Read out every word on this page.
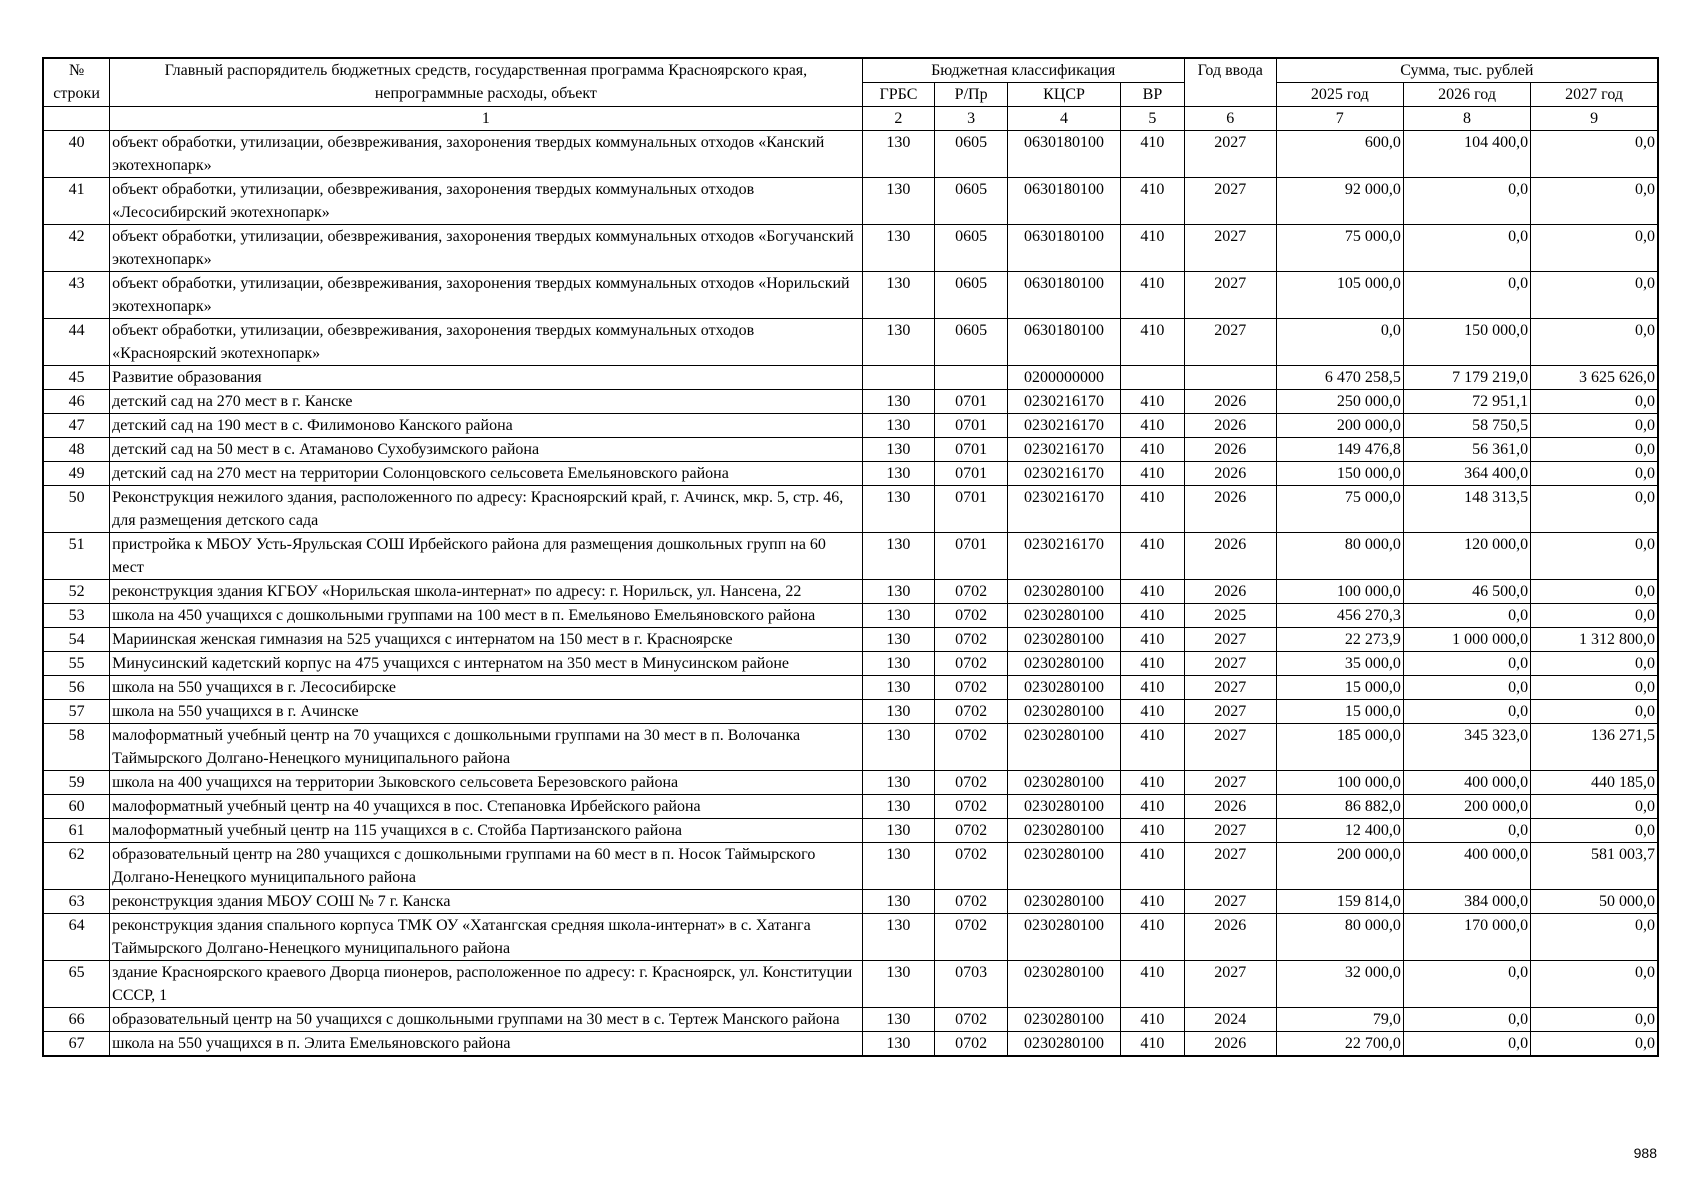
№ строки	Главный распорядитель бюджетных средств, государственная программа Красноярского края, непрограммные расходы, объект	Бюджетная классификация				Год ввода	Сумма, тыс. рублей		
		ГРБС	Р/Пр	КЦСР	ВР		2025 год	2026 год	2027 год
	1	2	3	4	5	6	7	8	9
40	объект обработки, утилизации, обезвреживания, захоронения твердых коммунальных отходов «Канский экотехнопарк»	130	0605	0630180100	410	2027	600,0	104 400,0	0,0
41	объект обработки, утилизации, обезвреживания, захоронения твердых коммунальных отходов «Лесосибирский экотехнопарк»	130	0605	0630180100	410	2027	92 000,0	0,0	0,0
42	объект обработки, утилизации, обезвреживания, захоронения твердых коммунальных отходов «Богучанский экотехнопарк»	130	0605	0630180100	410	2027	75 000,0	0,0	0,0
43	объект обработки, утилизации, обезвреживания, захоронения твердых коммунальных отходов «Норильский экотехнопарк»	130	0605	0630180100	410	2027	105 000,0	0,0	0,0
44	объект обработки, утилизации, обезвреживания, захоронения твердых коммунальных отходов «Красноярский экотехнопарк»	130	0605	0630180100	410	2027	0,0	150 000,0	0,0
45	Развитие образования			0200000000			6 470 258,5	7 179 219,0	3 625 626,0
46	детский сад на 270 мест в г. Канске	130	0701	0230216170	410	2026	250 000,0	72 951,1	0,0
47	детский сад на 190 мест в с. Филимоново Канского района	130	0701	0230216170	410	2026	200 000,0	58 750,5	0,0
48	детский сад на 50 мест в с. Атаманово Сухобузимского района	130	0701	0230216170	410	2026	149 476,8	56 361,0	0,0
49	детский сад на 270 мест на территории Солонцовского сельсовета Емельяновского района	130	0701	0230216170	410	2026	150 000,0	364 400,0	0,0
50	Реконструкция нежилого здания, расположенного по адресу: Красноярский край, г. Ачинск, мкр. 5, стр. 46, для размещения детского сада	130	0701	0230216170	410	2026	75 000,0	148 313,5	0,0
51	пристройка к МБОУ Усть-Ярульская СОШ Ирбейского района для размещения дошкольных групп на 60 мест	130	0701	0230216170	410	2026	80 000,0	120 000,0	0,0
52	реконструкция здания КГБОУ «Норильская школа-интернат» по адресу: г. Норильск, ул. Нансена, 22	130	0702	0230280100	410	2026	100 000,0	46 500,0	0,0
53	школа на 450 учащихся с дошкольными группами на 100 мест в п. Емельяново Емельяновского района	130	0702	0230280100	410	2025	456 270,3	0,0	0,0
54	Мариинская женская гимназия на 525 учащихся с интернатом на 150 мест в г. Красноярске	130	0702	0230280100	410	2027	22 273,9	1 000 000,0	1 312 800,0
55	Минусинский кадетский корпус на 475 учащихся с интернатом на 350 мест в Минусинском районе	130	0702	0230280100	410	2027	35 000,0	0,0	0,0
56	школа на 550 учащихся в г. Лесосибирске	130	0702	0230280100	410	2027	15 000,0	0,0	0,0
57	школа на 550 учащихся в г. Ачинске	130	0702	0230280100	410	2027	15 000,0	0,0	0,0
58	малоформатный учебный центр на 70 учащихся с дошкольными группами на 30 мест в п. Волочанка Таймырского Долгано-Ненецкого муниципального района	130	0702	0230280100	410	2027	185 000,0	345 323,0	136 271,5
59	школа на 400 учащихся на территории Зыковского сельсовета Березовского района	130	0702	0230280100	410	2027	100 000,0	400 000,0	440 185,0
60	малоформатный учебный центр на 40 учащихся в пос. Степановка Ирбейского района	130	0702	0230280100	410	2026	86 882,0	200 000,0	0,0
61	малоформатный учебный центр на 115 учащихся в с. Стойба Партизанского района	130	0702	0230280100	410	2027	12 400,0	0,0	0,0
62	образовательный центр на 280 учащихся с дошкольными группами на 60 мест в п. Носок Таймырского Долгано-Ненецкого муниципального района	130	0702	0230280100	410	2027	200 000,0	400 000,0	581 003,7
63	реконструкция здания МБОУ СОШ № 7 г. Канска	130	0702	0230280100	410	2027	159 814,0	384 000,0	50 000,0
64	реконструкция здания спального корпуса ТМК ОУ «Хатангская средняя школа-интернат» в с. Хатанга Таймырского Долгано-Ненецкого муниципального района	130	0702	0230280100	410	2026	80 000,0	170 000,0	0,0
65	здание Красноярского краевого Дворца пионеров, расположенное по адресу: г. Красноярск, ул. Конституции СССР, 1	130	0703	0230280100	410	2027	32 000,0	0,0	0,0
66	образовательный центр на 50 учащихся с дошкольными группами на 30 мест в с. Тертеж Манского района	130	0702	0230280100	410	2024	79,0	0,0	0,0
67	школа на 550 учащихся в п. Элита Емельяновского района	130	0702	0230280100	410	2026	22 700,0	0,0	0,0
988
